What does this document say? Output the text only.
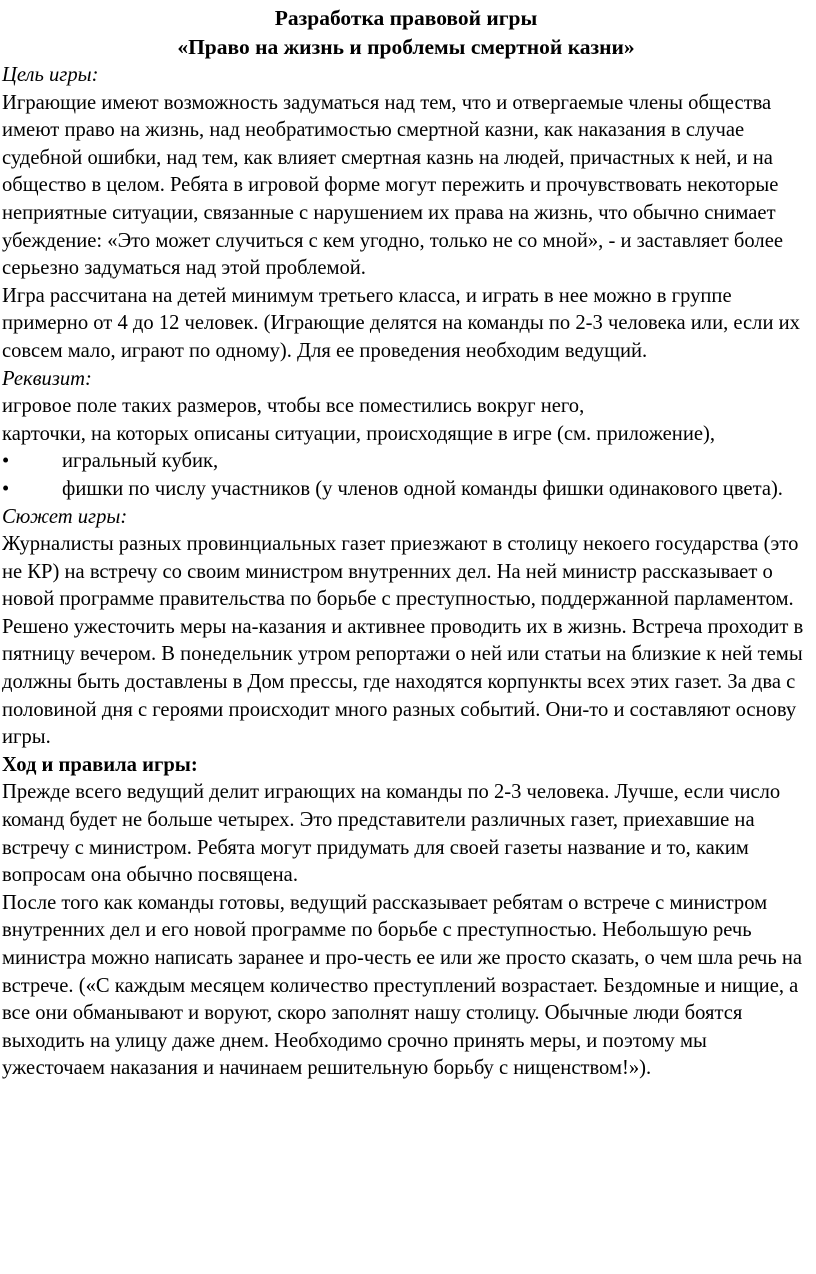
Разработка правовой игры

«Право на жизнь и проблемы смертной казни»

Цель игры:

Играющие имеют возможность задуматься над тем, что и отвергаемые члены общества имеют право на жизнь, над необратимостью смертной казни, как наказания в случае судебной ошибки, над тем, как влияет смертная казнь на людей, причастных к ней, и на общество в целом. Ребята в игровой форме могут пережить и прочувствовать некоторые неприятные ситуации, связанные с нарушением их права на жизнь, что обычно снимает убеждение: «Это может случиться с кем угодно, только не со мной», - и заставляет более серьезно задуматься над этой проблемой.

Игра рассчитана на детей минимум третьего класса, и играть в нее можно в группе примерно от 4 до 12 человек. (Играющие делятся на команды по 2-3 человека или, если их совсем мало, играют по одному). Для ее проведения необходим ведущий.

Реквизит:

игровое поле таких размеров, чтобы все поместились вокруг него,

карточки, на которых описаны ситуации, происходящие в игре (см. приложение),

•	игральный кубик,

•	фишки по числу участников (у членов одной команды фишки одинакового цвета).

Сюжет игры:

Журналисты разных провинциальных газет приезжают в столицу некоего государства (это не КР) на встречу со своим министром внутренних дел. На ней министр рассказывает о новой программе правительства по борьбе с преступностью, поддержанной парламентом. Решено ужесточить меры на-казания и активнее проводить их в жизнь. Встреча проходит в пятницу вечером. В понедельник утром репортажи о ней или статьи на близкие к ней темы должны быть доставлены в Дом прессы, где находятся корпункты всех этих газет. За два с половиной дня с героями происходит много разных событий. Они-то и составляют основу игры.

Ход и правила игры:

Прежде всего ведущий делит играющих на команды по 2-3 человека. Лучше, если число команд будет не больше четырех. Это представители различных газет, приехавшие на встречу с министром. Ребята могут придумать для своей газеты название и то, каким вопросам она обычно посвящена.

После того как команды готовы, ведущий рассказывает ребятам о встрече с министром внутренних дел и его новой программе по борьбе с преступностью. Небольшую речь министра можно написать заранее и про-честь ее или же просто сказать, о чем шла речь на встрече. («С каждым месяцем количество преступлений возрастает. Бездомные и нищие, а все они обманывают и воруют, скоро заполнят нашу столицу. Обычные люди боятся выходить на улицу даже днем. Необходимо срочно принять меры, и поэтому мы ужесточаем наказания и начинаем решительную борьбу с нищенством!»).
